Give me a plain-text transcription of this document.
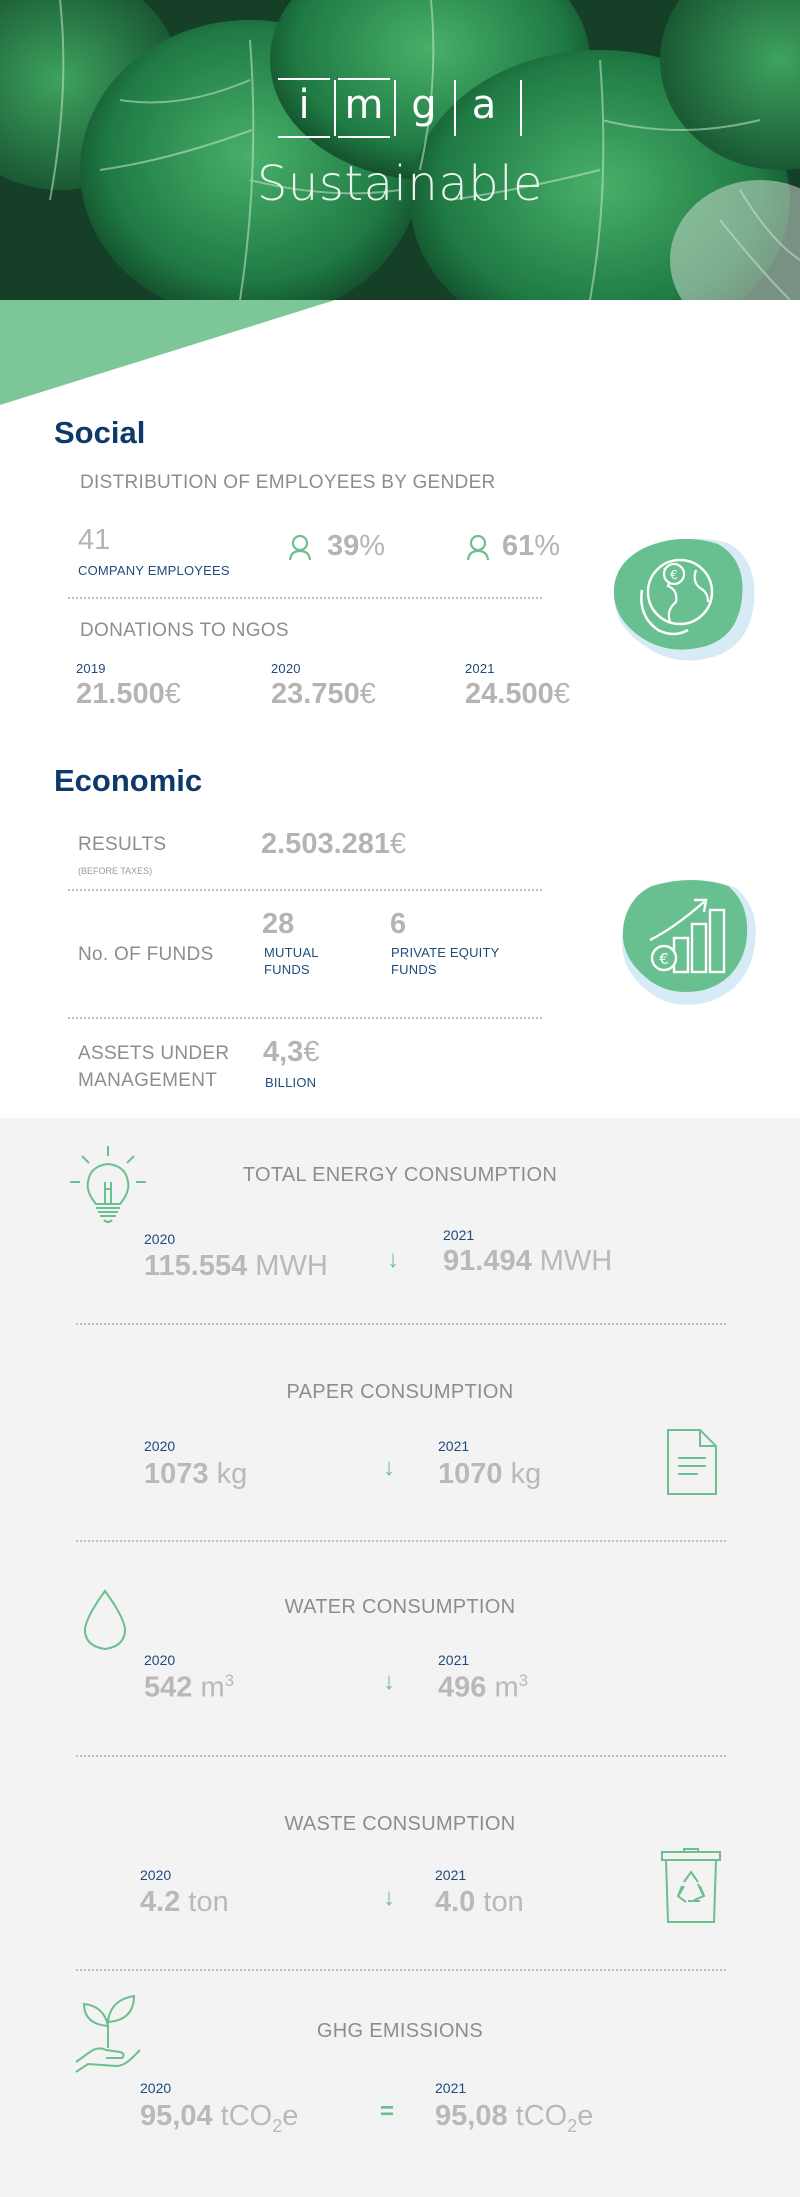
i m g a
Sustainable
Social
DISTRIBUTION OF EMPLOYEES BY GENDER
41
COMPANY EMPLOYEES
39%	61%
DONATIONS TO NGOS
2019
21.500€
2020
23.750€
2021
24.500€
€
Economic
RESULTS
(BEFORE TAXES)
2.503.281€
No. OF FUNDS
28
MUTUAL
FUNDS
6
PRIVATE EQUITY
FUNDS
ASSETS UNDER
MANAGEMENT
4,3€
BILLION
€
TOTAL ENERGY CONSUMPTION
2020
115.554 MWH ↓
2021
91.494 MWH
PAPER CONSUMPTION
2020
1073 kg	↓
2021
1070 kg
WATER CONSUMPTION
2020
542 $m^3$	↓
2021
496 $m^3$
WASTE CONSUMPTION
2020
4.2 ton	↓
2021
4.0 ton
GHG EMISSIONS
2020
95,04 tCO$_2$e	=
2021
95,08 tCO$_2$e
